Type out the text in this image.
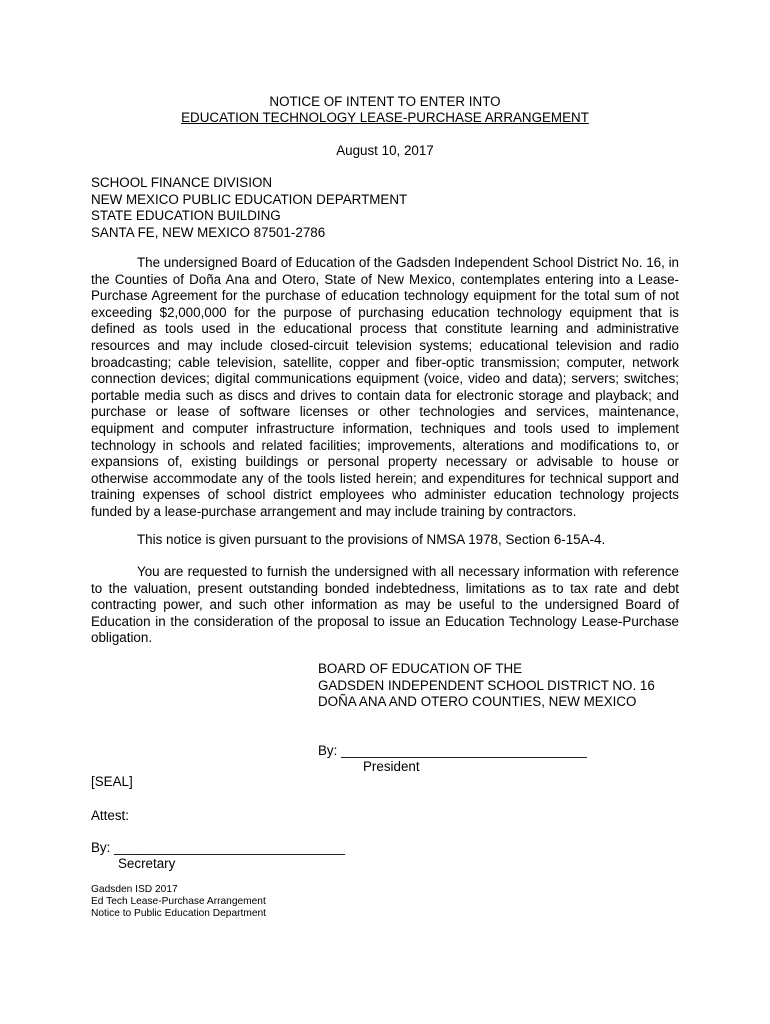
NOTICE OF INTENT TO ENTER INTO
EDUCATION TECHNOLOGY LEASE-PURCHASE ARRANGEMENT
August 10, 2017
SCHOOL FINANCE DIVISION
NEW MEXICO PUBLIC EDUCATION DEPARTMENT
STATE EDUCATION BUILDING
SANTA FE, NEW MEXICO 87501-2786
The undersigned Board of Education of the Gadsden Independent School District No. 16, in the Counties of Doña Ana and Otero, State of New Mexico, contemplates entering into a Lease-Purchase Agreement for the purchase of education technology equipment for the total sum of not exceeding $2,000,000 for the purpose of purchasing education technology equipment that is defined as tools used in the educational process that constitute learning and administrative resources and may include closed-circuit television systems; educational television and radio broadcasting; cable television, satellite, copper and fiber-optic transmission; computer, network connection devices; digital communications equipment (voice, video and data); servers; switches; portable media such as discs and drives to contain data for electronic storage and playback; and purchase or lease of software licenses or other technologies and services, maintenance, equipment and computer infrastructure information, techniques and tools used to implement technology in schools and related facilities; improvements, alterations and modifications to, or expansions of, existing buildings or personal property necessary or advisable to house or otherwise accommodate any of the tools listed herein; and expenditures for technical support and training expenses of school district employees who administer education technology projects funded by a lease-purchase arrangement and may include training by contractors.
This notice is given pursuant to the provisions of NMSA 1978, Section 6-15A-4.
You are requested to furnish the undersigned with all necessary information with reference to the valuation, present outstanding bonded indebtedness, limitations as to tax rate and debt contracting power, and such other information as may be useful to the undersigned Board of Education in the consideration of the proposal to issue an Education Technology Lease-Purchase obligation.
BOARD OF EDUCATION OF THE
GADSDEN INDEPENDENT SCHOOL DISTRICT NO. 16
DOÑA ANA AND OTERO COUNTIES, NEW MEXICO
By: _________________________________
President
[SEAL]
Attest:
By: _______________________________
Secretary
Gadsden ISD 2017
Ed Tech Lease-Purchase Arrangement
Notice to Public Education Department
